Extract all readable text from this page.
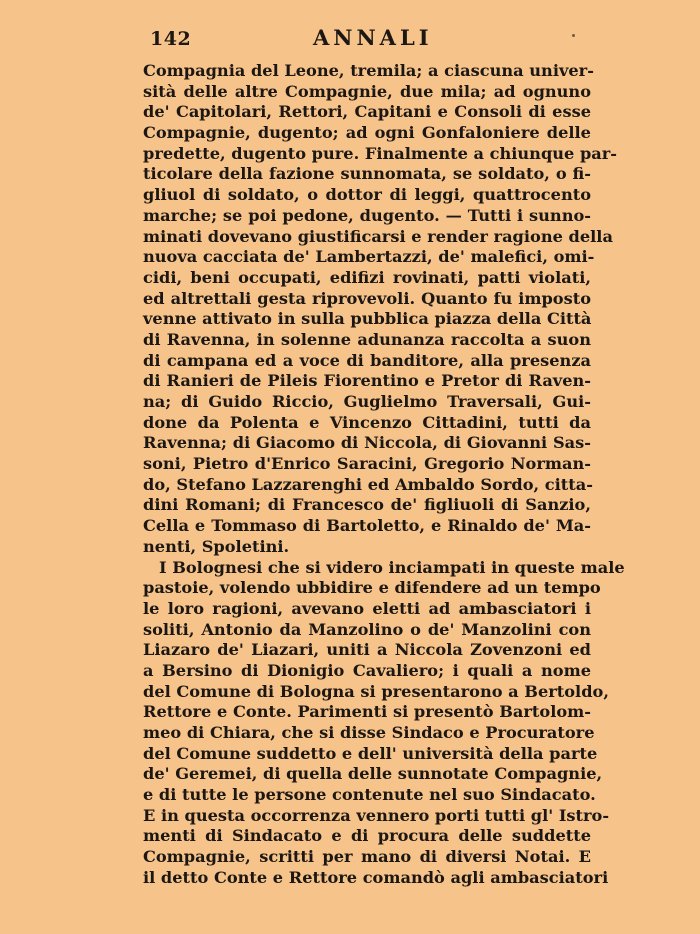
142	ANNALI
Compagnia del Leone, tremila; a ciascuna univer-
sità delle altre Compagnie, due mila; ad ognuno
de' Capitolari, Rettori, Capitani e Consoli di esse
Compagnie, dugento; ad ogni Gonfaloniere delle
predette, dugento pure. Finalmente a chiunque par-
ticolare della fazione sunnomata, se soldato, o fi-
gliuol di soldato, o dottor di leggi, quattrocento
marche; se poi pedone, dugento. — Tutti i sunno-
minati dovevano giustificarsi e render ragione della
nuova cacciata de' Lambertazzi, de' malefici, omi-
cidi, beni occupati, edifizi rovinati, patti violati,
ed altrettali gesta riprovevoli. Quanto fu imposto
venne attivato in sulla pubblica piazza della Città
di Ravenna, in solenne adunanza raccolta a suon
di campana ed a voce di banditore, alla presenza
di Ranieri de Pileis Fiorentino e Pretor di Raven-
na; di Guido Riccio, Guglielmo Traversali, Gui-
done da Polenta e Vincenzo Cittadini, tutti da
Ravenna; di Giacomo di Niccola, di Giovanni Sas-
soni, Pietro d'Enrico Saracini, Gregorio Norman-
do, Stefano Lazzarenghi ed Ambaldo Sordo, citta-
dini Romani; di Francesco de' figliuoli di Sanzio,
Cella e Tommaso di Bartoletto, e Rinaldo de' Ma-
nenti, Spoletini.
I Bolognesi che si videro inciampati in queste male
pastoie, volendo ubbidire e difendere ad un tempo
le loro ragioni, avevano eletti ad ambasciatori i
soliti, Antonio da Manzolino o de' Manzolini con
Liazaro de' Liazari, uniti a Niccola Zovenzoni ed
a Bersino di Dionigio Cavaliero; i quali a nome
del Comune di Bologna si presentarono a Bertoldo,
Rettore e Conte. Parimenti si presentò Bartolom-
meo di Chiara, che si disse Sindaco e Procuratore
del Comune suddetto e dell' università della parte
de' Geremei, di quella delle sunnotate Compagnie,
e di tutte le persone contenute nel suo Sindacato.
E in questa occorrenza vennero porti tutti gl' Istro-
menti di Sindacato e di procura delle suddette
Compagnie, scritti per mano di diversi Notai. E
il detto Conte e Rettore comandò agli ambasciatori
